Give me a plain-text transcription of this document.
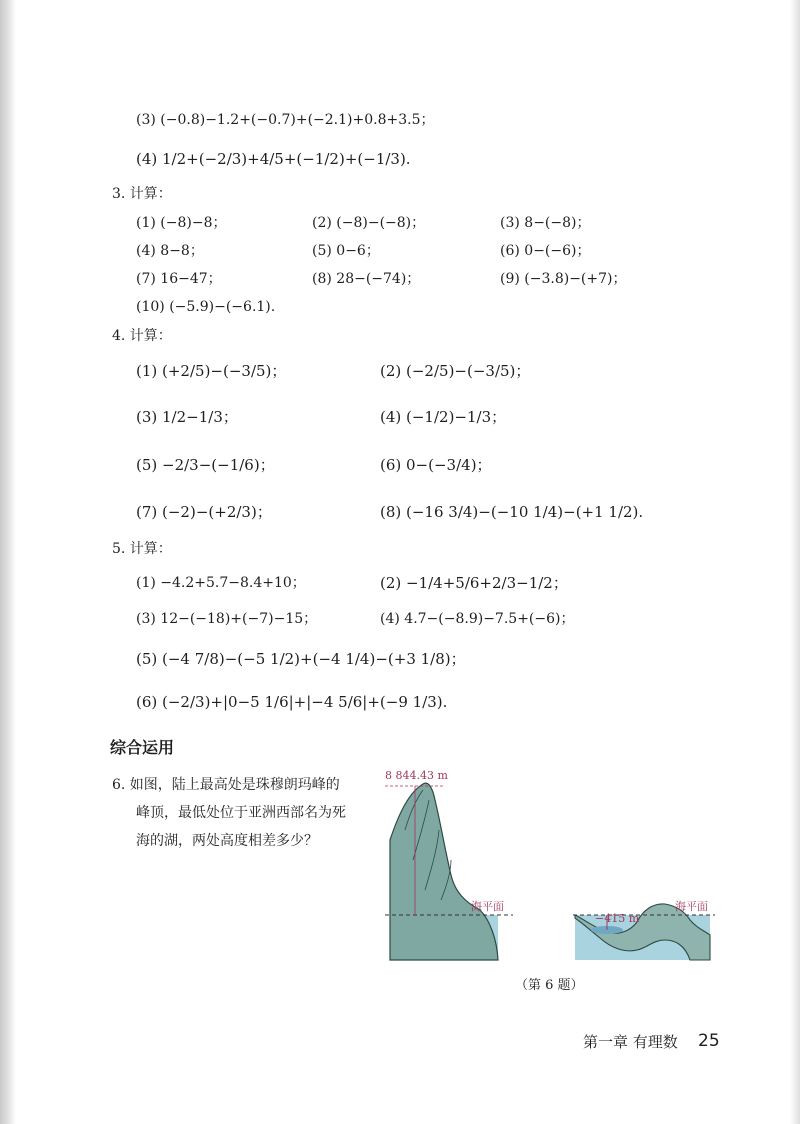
(3) (−0.8)−1.2+(−0.7)+(−2.1)+0.8+3.5；
(4) 1/2+(−2/3)+4/5+(−1/2)+(−1/3).
3. 计算：
(1) (−8)−8；	(2) (−8)−(−8)；	(3) 8−(−8)；
(4) 8−8；	(5) 0−6；	(6) 0−(−6)；
(7) 16−47；	(8) 28−(−74)；	(9) (−3.8)−(+7)；
(10) (−5.9)−(−6.1).
4. 计算：
(1) (+2/5)−(−3/5)；	(2) (−2/5)−(−3/5)；
(3) 1/2−1/3；	(4) (−1/2)−1/3；
(5) −2/3−(−1/6)；	(6) 0−(−3/4)；
(7) (−2)−(+2/3)；	(8) (−16 3/4)−(−10 1/4)−(+1 1/2).
5. 计算：
(1) −4.2+5.7−8.4+10；	(2) −1/4+5/6+2/3−1/2；
(3) 12−(−18)+(−7)−15；	(4) 4.7−(−8.9)−7.5+(−6)；
(5) (−4 7/8)−(−5 1/2)+(−4 1/4)−(+3 1/8)；
(6) (−2/3)+|0−5 1/6|+|−4 5/6|+(−9 1/3).
综合运用
6. 如图，陆上最高处是珠穆朗玛峰的
峰顶，最低处位于亚洲西部名为死
海的湖，两处高度相差多少？
8 844.43 m
海平面	海平面
−415 m
（第 6 题）
第一章 有理数 25
